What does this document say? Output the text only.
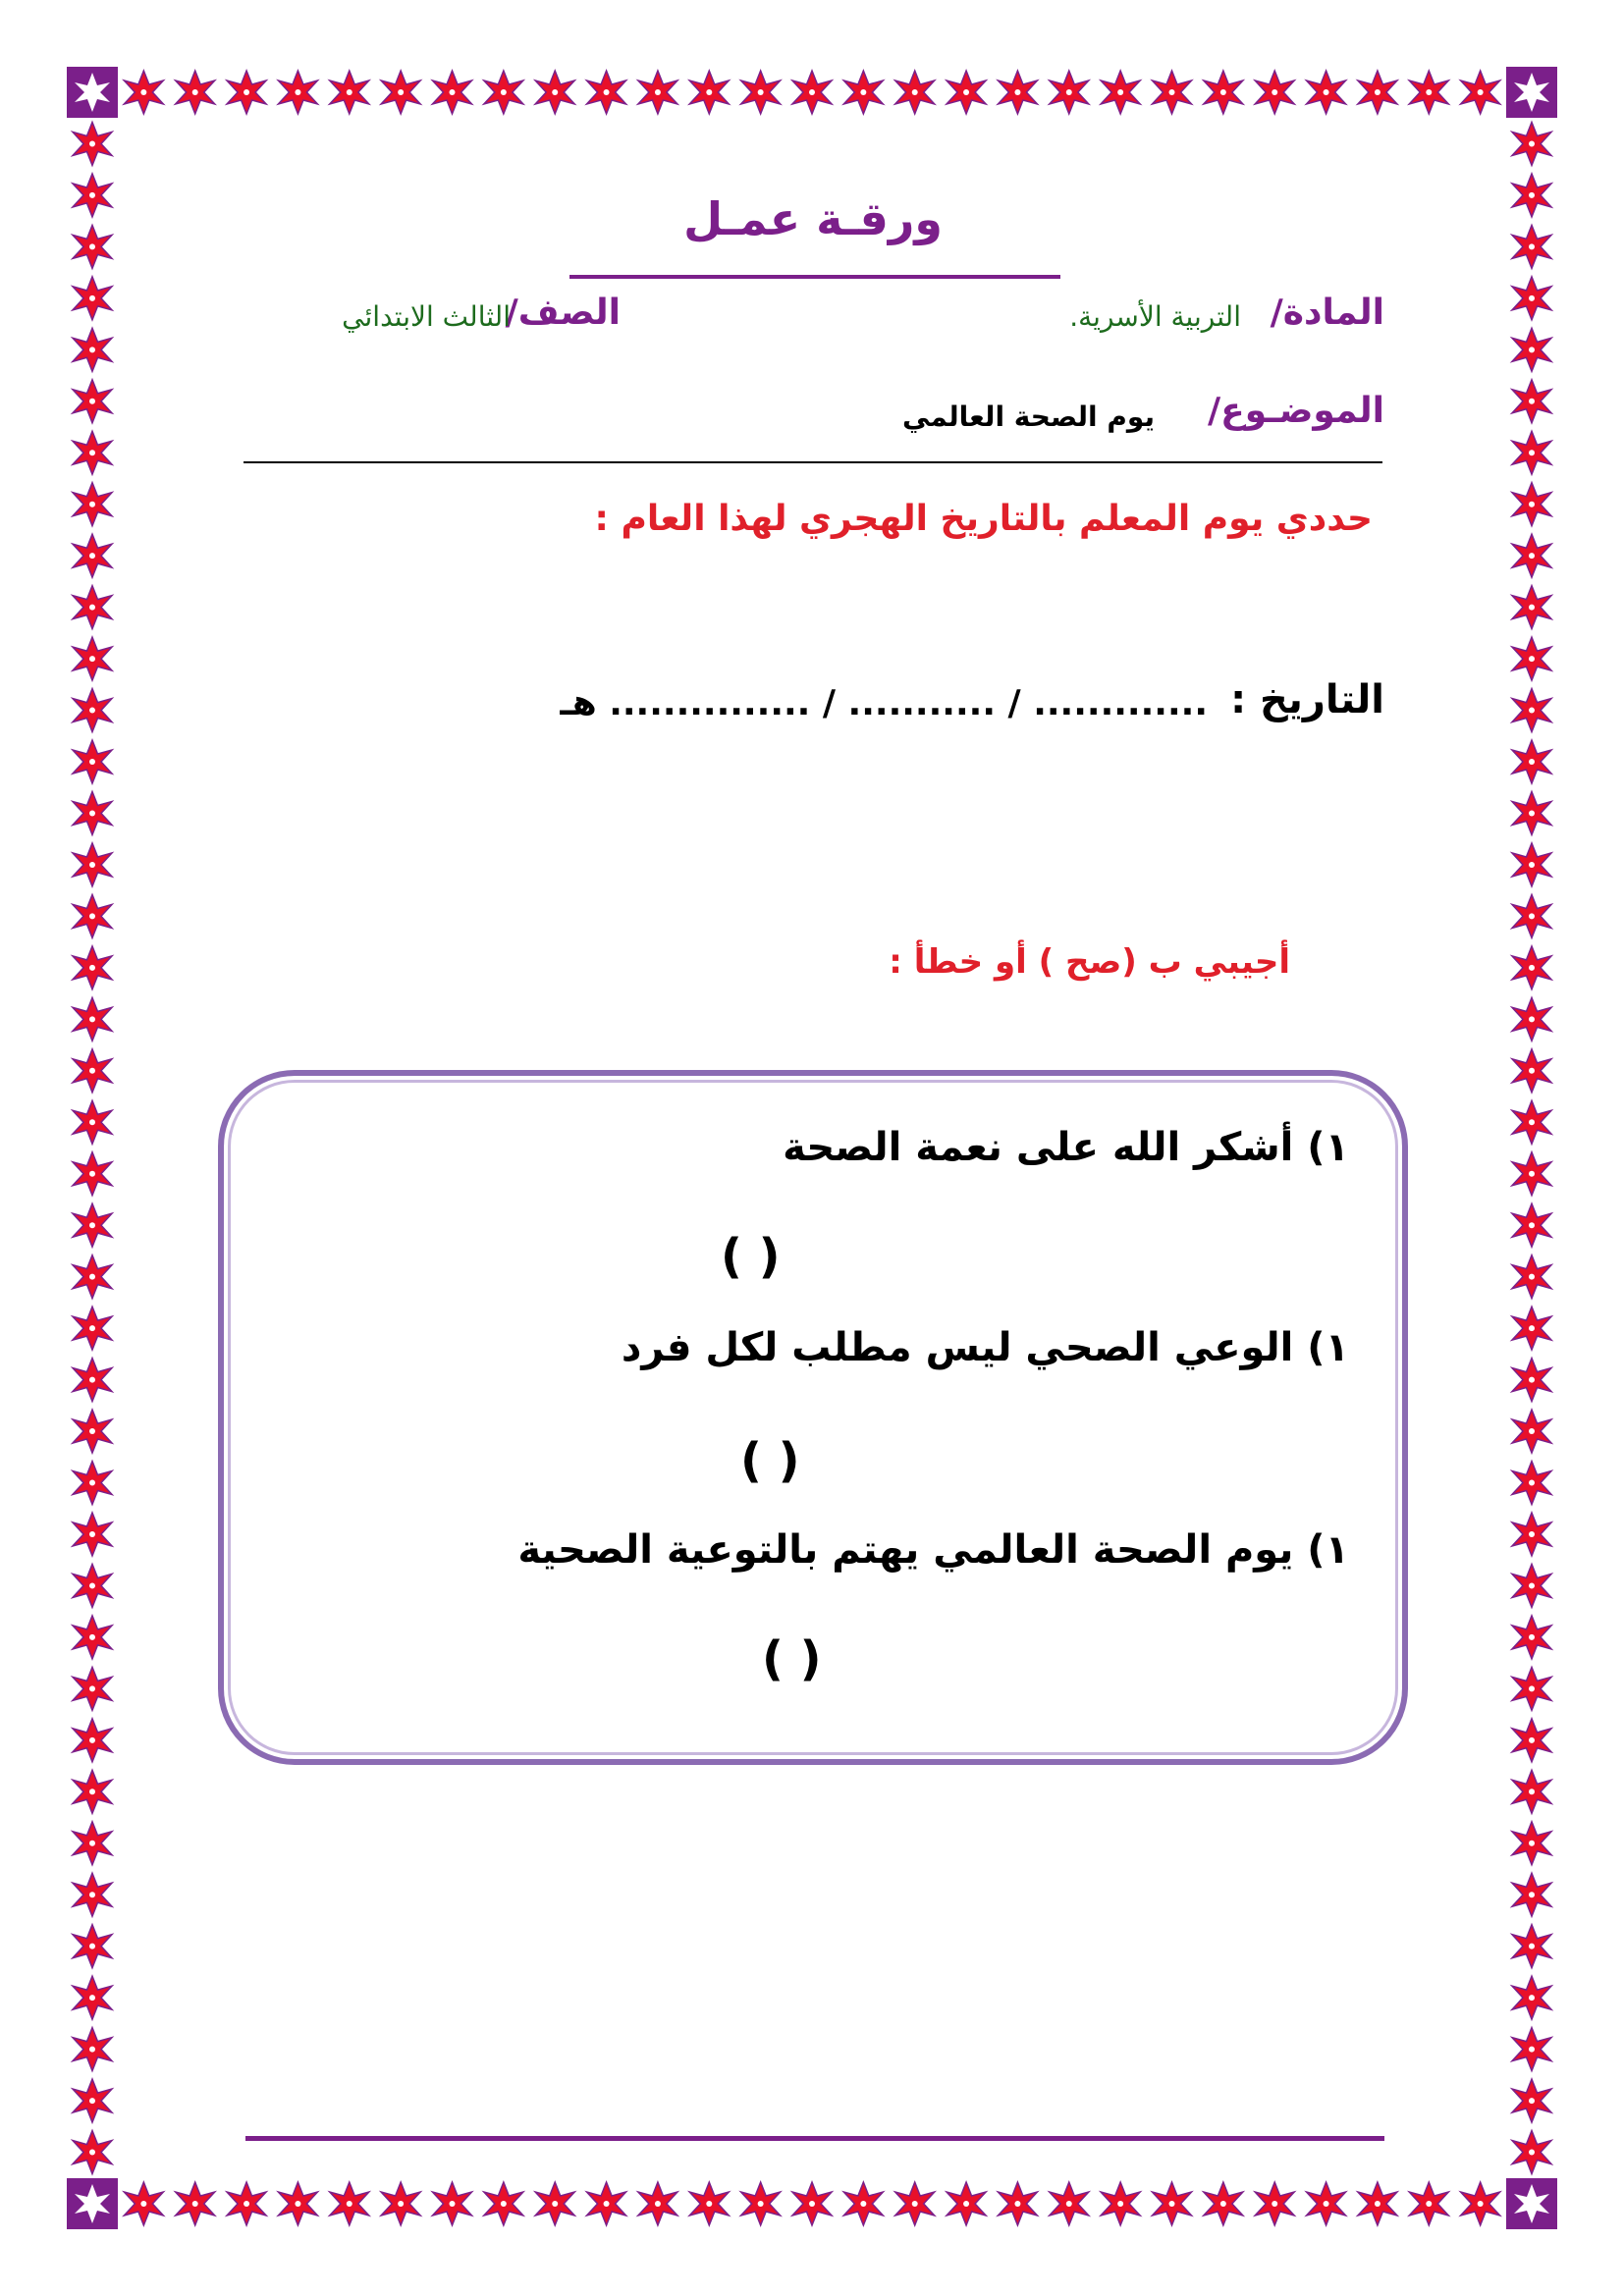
ورقـة عمـل
المادة/
التربية الأسرية.
الصف/
الثالث الابتدائي
الموضـوع/
يوم الصحة العالمي
حددي يوم المعلم بالتاريخ الهجري لهذا العام :
التاريخ :
............. / ........... / ............... هـ
أجيبي ب (صح ) أو خطأ :
١) أشكر الله على نعمة الصحة
( )
١) الوعي الصحي ليس مطلب لكل فرد
( )
١) يوم الصحة العالمي يهتم بالتوعية الصحية
( )
